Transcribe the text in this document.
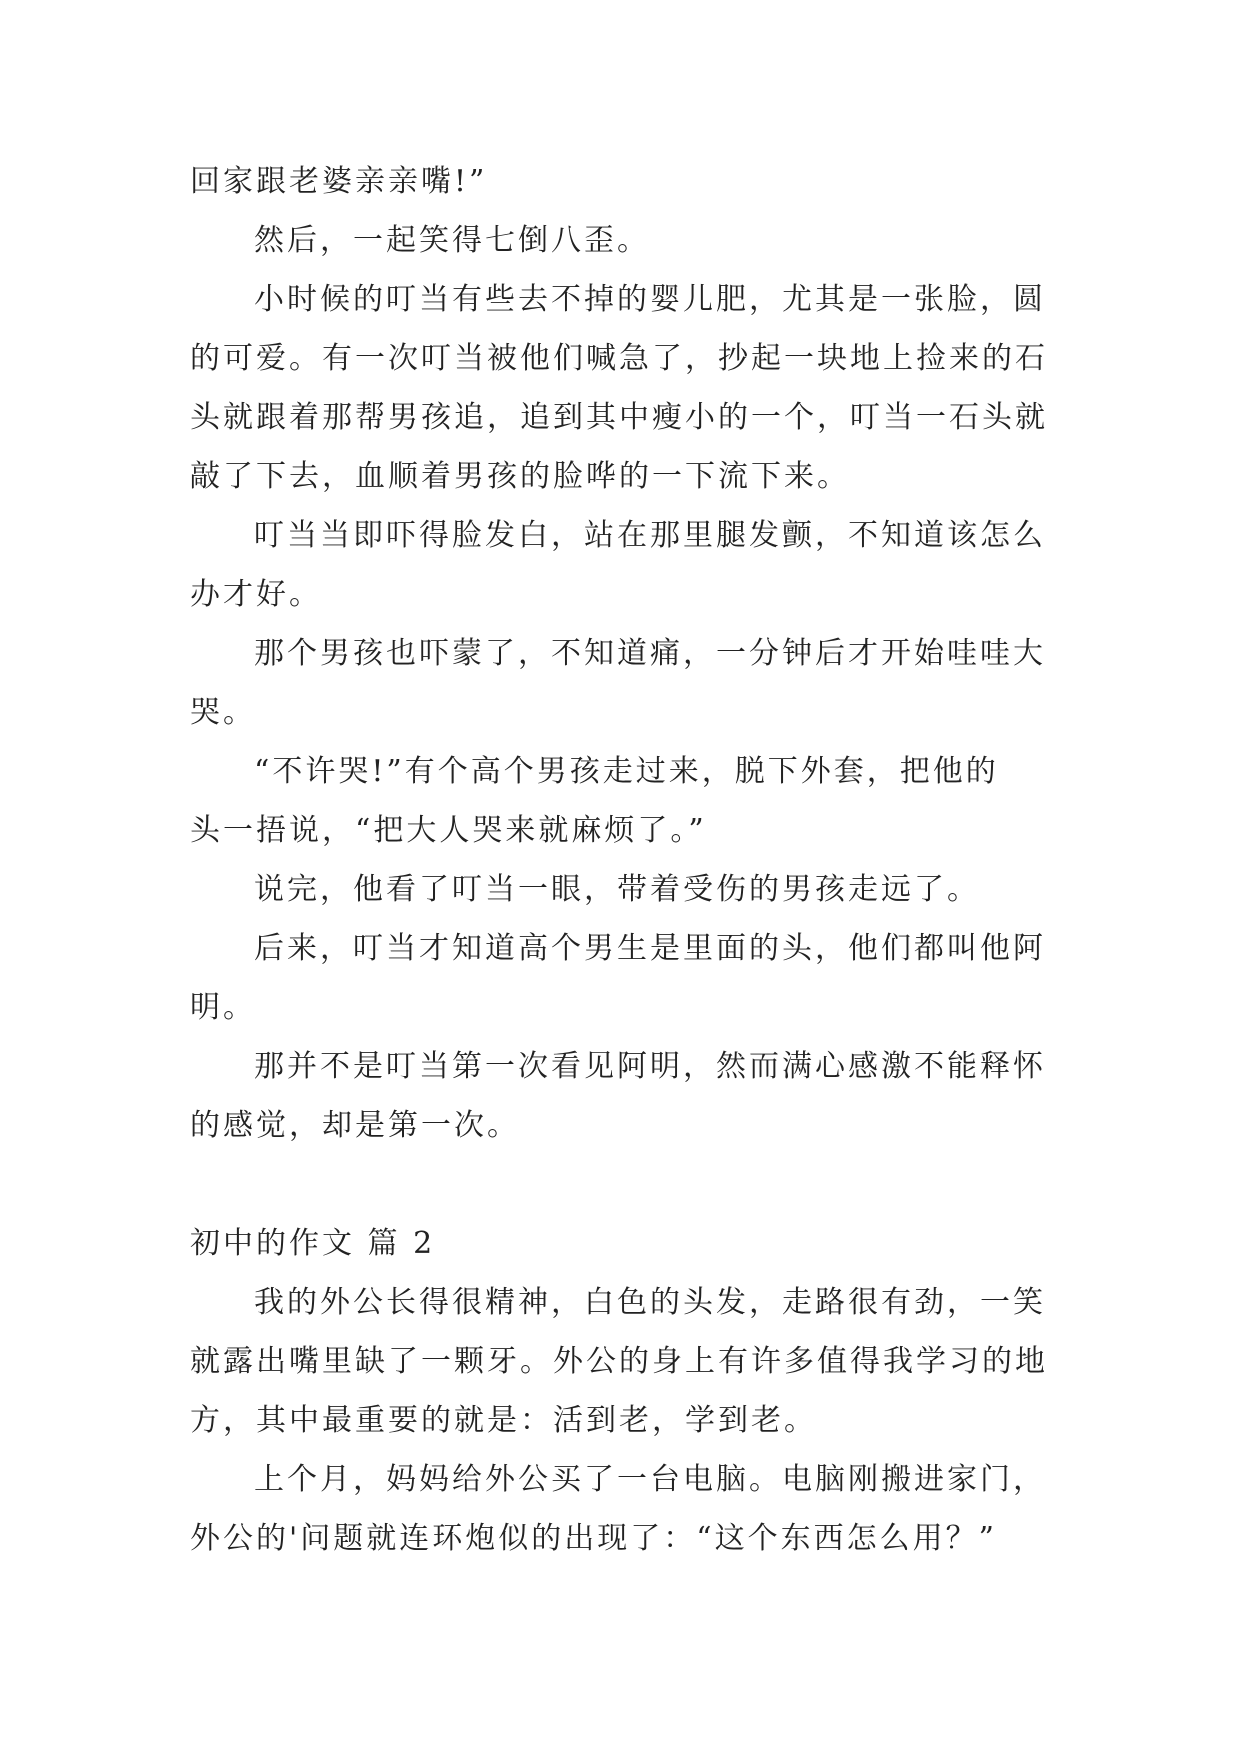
回家跟老婆亲亲嘴!”
然后，一起笑得七倒八歪。
小时候的叮当有些去不掉的婴儿肥，尤其是一张脸，圆
的可爱。有一次叮当被他们喊急了，抄起一块地上捡来的石
头就跟着那帮男孩追，追到其中瘦小的一个，叮当一石头就
敲了下去，血顺着男孩的脸哗的一下流下来。
叮当当即吓得脸发白，站在那里腿发颤，不知道该怎么
办才好。
那个男孩也吓蒙了，不知道痛，一分钟后才开始哇哇大
哭。
“不许哭!”有个高个男孩走过来，脱下外套，把他的
头一捂说，“把大人哭来就麻烦了。”
说完，他看了叮当一眼，带着受伤的男孩走远了。
后来，叮当才知道高个男生是里面的头，他们都叫他阿
明。
那并不是叮当第一次看见阿明，然而满心感激不能释怀
的感觉，却是第一次。
初中的作文 篇 2
我的外公长得很精神，白色的头发，走路很有劲，一笑
就露出嘴里缺了一颗牙。外公的身上有许多值得我学习的地
方，其中最重要的就是：活到老，学到老。
上个月，妈妈给外公买了一台电脑。电脑刚搬进家门，
外公的'问题就连环炮似的出现了：“这个东西怎么用？”
